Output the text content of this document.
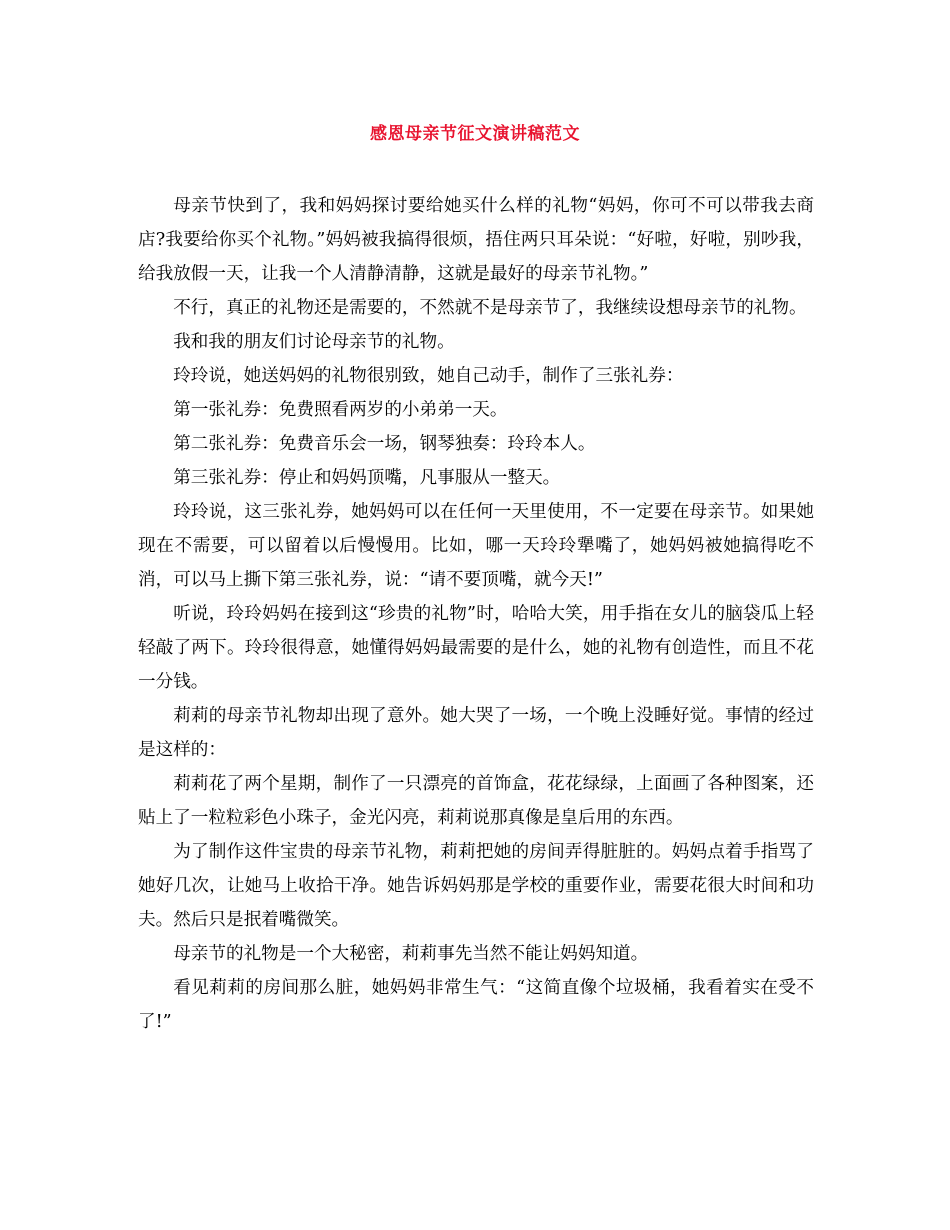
感恩母亲节征文演讲稿范文

母亲节快到了，我和妈妈探讨要给她买什么样的礼物“妈妈，你可不可以带我去商店?我要给你买个礼物。”妈妈被我搞得很烦，捂住两只耳朵说：“好啦，好啦，别吵我，给我放假一天，让我一个人清静清静，这就是最好的母亲节礼物。”

不行，真正的礼物还是需要的，不然就不是母亲节了，我继续设想母亲节的礼物。

我和我的朋友们讨论母亲节的礼物。

玲玲说，她送妈妈的礼物很别致，她自己动手，制作了三张礼券：

第一张礼券：免费照看两岁的小弟弟一天。

第二张礼券：免费音乐会一场，钢琴独奏：玲玲本人。

第三张礼券：停止和妈妈顶嘴，凡事服从一整天。

玲玲说，这三张礼券，她妈妈可以在任何一天里使用，不一定要在母亲节。如果她现在不需要，可以留着以后慢慢用。比如，哪一天玲玲犟嘴了，她妈妈被她搞得吃不消，可以马上撕下第三张礼券，说：“请不要顶嘴，就今天!”

听说，玲玲妈妈在接到这“珍贵的礼物”时，哈哈大笑，用手指在女儿的脑袋瓜上轻轻敲了两下。玲玲很得意，她懂得妈妈最需要的是什么，她的礼物有创造性，而且不花一分钱。

莉莉的母亲节礼物却出现了意外。她大哭了一场，一个晚上没睡好觉。事情的经过是这样的：

莉莉花了两个星期，制作了一只漂亮的首饰盒，花花绿绿，上面画了各种图案，还贴上了一粒粒彩色小珠子，金光闪亮，莉莉说那真像是皇后用的东西。

为了制作这件宝贵的母亲节礼物，莉莉把她的房间弄得脏脏的。妈妈点着手指骂了她好几次，让她马上收拾干净。她告诉妈妈那是学校的重要作业，需要花很大时间和功夫。然后只是抿着嘴微笑。

母亲节的礼物是一个大秘密，莉莉事先当然不能让妈妈知道。

看见莉莉的房间那么脏，她妈妈非常生气：“这简直像个垃圾桶，我看着实在受不了!”
